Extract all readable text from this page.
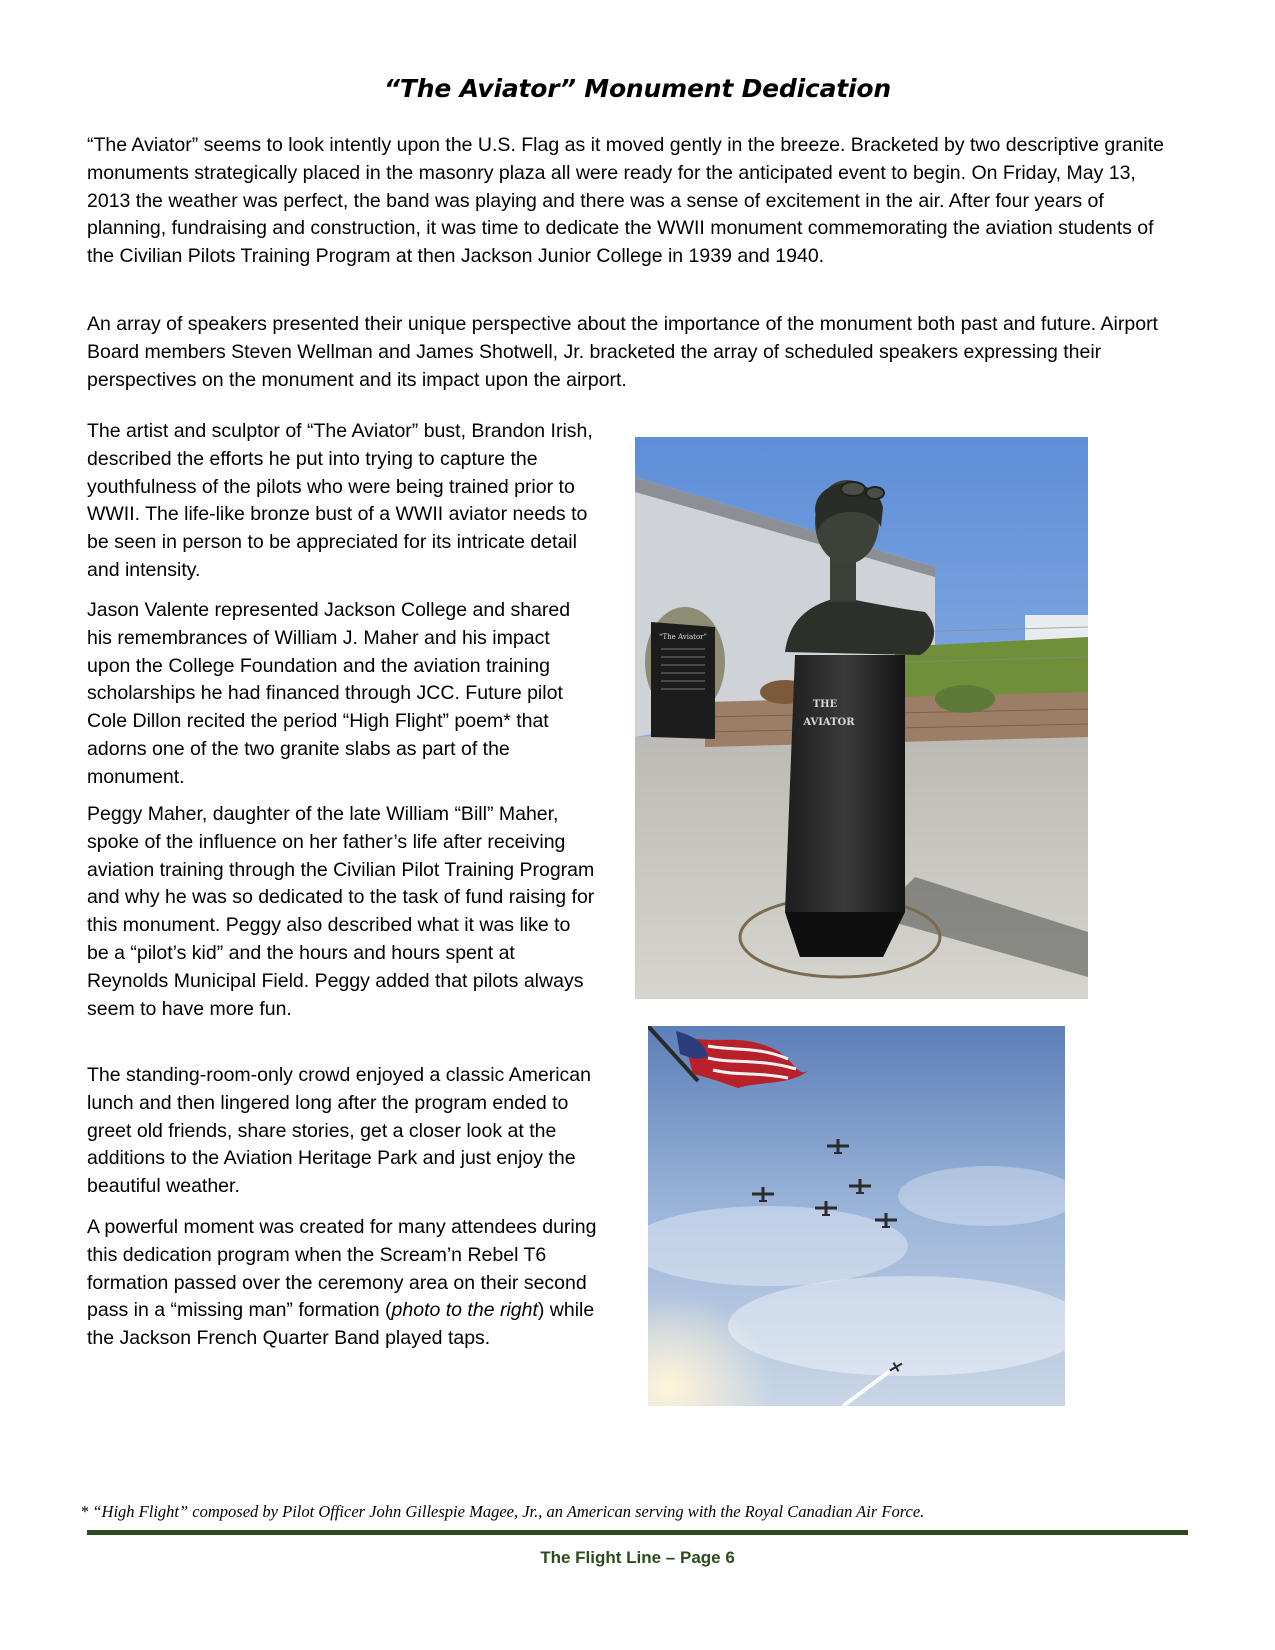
“The Aviator” Monument Dedication

“The Aviator” seems to look intently upon the U.S. Flag as it moved gently in the breeze. Bracketed by two descriptive granite monuments strategically placed in the masonry plaza all were ready for the anticipated event to begin. On Friday, May 13, 2013 the weather was perfect, the band was playing and there was a sense of excitement in the air. After four years of planning, fundraising and construction, it was time to dedicate the WWII monument commemorating the aviation students of the Civilian Pilots Training Program at then Jackson Junior College in 1939 and 1940.

An array of speakers presented their unique perspective about the importance of the monument both past and future. Airport Board members Steven Wellman and James Shotwell, Jr. bracketed the array of scheduled speakers expressing their perspectives on the monument and its impact upon the airport.

The artist and sculptor of “The Aviator” bust, Brandon Irish, described the efforts he put into trying to capture the youthfulness of the pilots who were being trained prior to WWII. The life-like bronze bust of a WWII aviator needs to be seen in person to be appreciated for its intricate detail and intensity.

Jason Valente represented Jackson College and shared his remembrances of William J. Maher and his impact upon the College Foundation and the aviation training scholarships he had financed through JCC. Future pilot Cole Dillon recited the period “High Flight” poem* that adorns one of the two granite slabs as part of the monument.

Peggy Maher, daughter of the late William “Bill” Maher, spoke of the influence on her father’s life after receiving aviation training through the Civilian Pilot Training Program and why he was so dedicated to the task of fund raising for this monument. Peggy also described what it was like to be a “pilot’s kid” and the hours and hours spent at Reynolds Municipal Field. Peggy added that pilots always seem to have more fun.

The standing-room-only crowd enjoyed a classic American lunch and then lingered long after the program ended to greet old friends, share stories, get a closer look at the additions to the Aviation Heritage Park and just enjoy the beautiful weather.

A powerful moment was created for many attendees during this dedication program when the Scream’n Rebel T6 formation passed over the ceremony area on their second pass in a “missing man” formation (photo to the right) while the Jackson French Quarter Band played taps.

“The Aviator”
THE
AVIATOR
* “High Flight” composed by Pilot Officer John Gillespie Magee, Jr., an American serving with the Royal Canadian Air Force.
The Flight Line – Page 6
